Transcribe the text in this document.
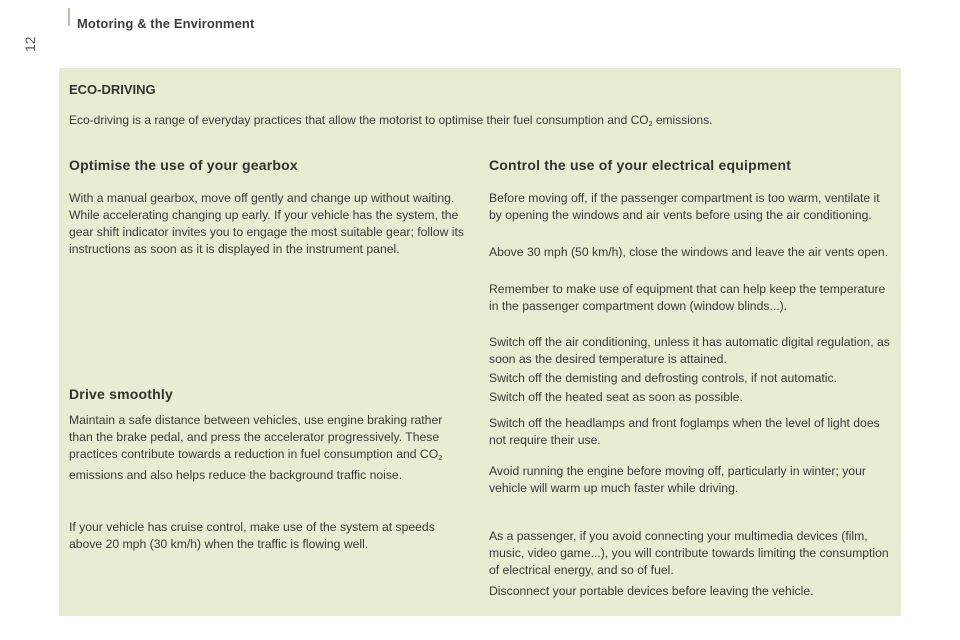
Motoring & the Environment
12
ECO-DRIVING
Eco-driving is a range of everyday practices that allow the motorist to optimise their fuel consumption and $CO_2$ emissions.
Optimise the use of your gearbox

With a manual gearbox, move off gently and change up without waiting. While accelerating changing up early. If your vehicle has the system, the gear shift indicator invites you to engage the most suitable gear; follow its instructions as soon as it is displayed in the instrument panel.

Drive smoothly

Maintain a safe distance between vehicles, use engine braking rather than the brake pedal, and press the accelerator progressively. These practices contribute towards a reduction in fuel consumption and $CO_2$ emissions and also helps reduce the background traffic noise.

If your vehicle has cruise control, make use of the system at speeds above 20 mph (30 km/h) when the traffic is flowing well.

Control the use of your electrical equipment

Before moving off, if the passenger compartment is too warm, ventilate it by opening the windows and air vents before using the air conditioning.

Above 30 mph (50 km/h), close the windows and leave the air vents open.

Remember to make use of equipment that can help keep the temperature in the passenger compartment down (window blinds...).

Switch off the air conditioning, unless it has automatic digital regulation, as soon as the desired temperature is attained.

Switch off the demisting and defrosting controls, if not automatic.

Switch off the heated seat as soon as possible.

Switch off the headlamps and front foglamps when the level of light does not require their use.

Avoid running the engine before moving off, particularly in winter; your vehicle will warm up much faster while driving.

As a passenger, if you avoid connecting your multimedia devices (film, music, video game...), you will contribute towards limiting the consumption of electrical energy, and so of fuel.

Disconnect your portable devices before leaving the vehicle.
